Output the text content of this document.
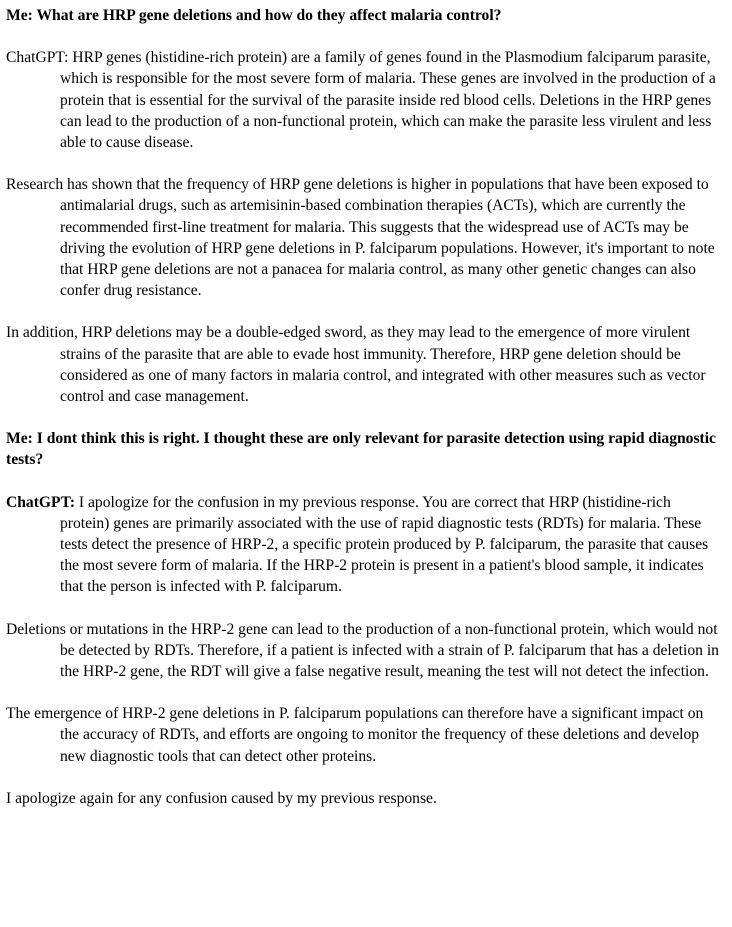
Me: What are HRP gene deletions and how do they affect malaria control?

ChatGPT: HRP genes (histidine-rich protein) are a family of genes found in the Plasmodium falciparum parasite, which is responsible for the most severe form of malaria. These genes are involved in the production of a protein that is essential for the survival of the parasite inside red blood cells. Deletions in the HRP genes can lead to the production of a non-functional protein, which can make the parasite less virulent and less able to cause disease.

Research has shown that the frequency of HRP gene deletions is higher in populations that have been exposed to antimalarial drugs, such as artemisinin-based combination therapies (ACTs), which are currently the recommended first-line treatment for malaria. This suggests that the widespread use of ACTs may be driving the evolution of HRP gene deletions in P. falciparum populations. However, it's important to note that HRP gene deletions are not a panacea for malaria control, as many other genetic changes can also confer drug resistance.

In addition, HRP deletions may be a double-edged sword, as they may lead to the emergence of more virulent strains of the parasite that are able to evade host immunity. Therefore, HRP gene deletion should be considered as one of many factors in malaria control, and integrated with other measures such as vector control and case management.

Me: I dont think this is right. I thought these are only relevant for parasite detection using rapid diagnostic tests?

ChatGPT: I apologize for the confusion in my previous response. You are correct that HRP (histidine-rich protein) genes are primarily associated with the use of rapid diagnostic tests (RDTs) for malaria. These tests detect the presence of HRP-2, a specific protein produced by P. falciparum, the parasite that causes the most severe form of malaria. If the HRP-2 protein is present in a patient's blood sample, it indicates that the person is infected with P. falciparum.

Deletions or mutations in the HRP-2 gene can lead to the production of a non-functional protein, which would not be detected by RDTs. Therefore, if a patient is infected with a strain of P. falciparum that has a deletion in the HRP-2 gene, the RDT will give a false negative result, meaning the test will not detect the infection.

The emergence of HRP-2 gene deletions in P. falciparum populations can therefore have a significant impact on the accuracy of RDTs, and efforts are ongoing to monitor the frequency of these deletions and develop new diagnostic tools that can detect other proteins.

I apologize again for any confusion caused by my previous response.
